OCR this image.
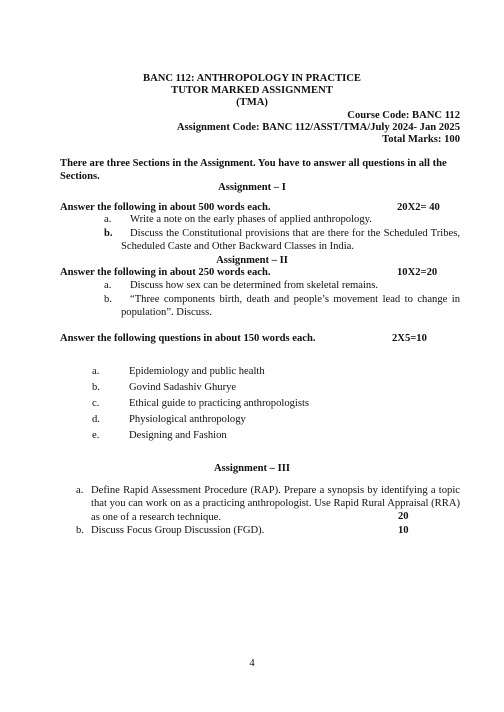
BANC 112: ANTHROPOLOGY IN PRACTICE
TUTOR MARKED ASSIGNMENT
(TMA)
Course Code: BANC 112
Assignment Code: BANC 112/ASST/TMA/July 2024- Jan 2025
Total Marks: 100
There are three Sections in the Assignment. You have to answer all questions in all the Sections.
Assignment – I
Answer the following in about 500 words each.	20X2= 40
a. Write a note on the early phases of applied anthropology.
b.	Discuss the Constitutional provisions that are there for the Scheduled Tribes, Scheduled Caste and Other Backward Classes in India.
Assignment – II
Answer the following in about 250 words each.	10X2=20
a. Discuss how sex can be determined from skeletal remains.
b.	“Three components birth, death and people’s movement lead to change in population”. Discuss.
Answer the following questions in about 150 words each.	2X5=10
a.	Epidemiology and public health
b.	Govind Sadashiv Ghurye
c.	Ethical guide to practicing anthropologists
d.	Physiological anthropology
e.	Designing and Fashion
Assignment – III
a. Define Rapid Assessment Procedure (RAP). Prepare a synopsis by identifying a topic that you can work on as a practicing anthropologist. Use Rapid Rural Appraisal (RRA) as one of a research technique.	20
b. Discuss Focus Group Discussion (FGD).	10
4
